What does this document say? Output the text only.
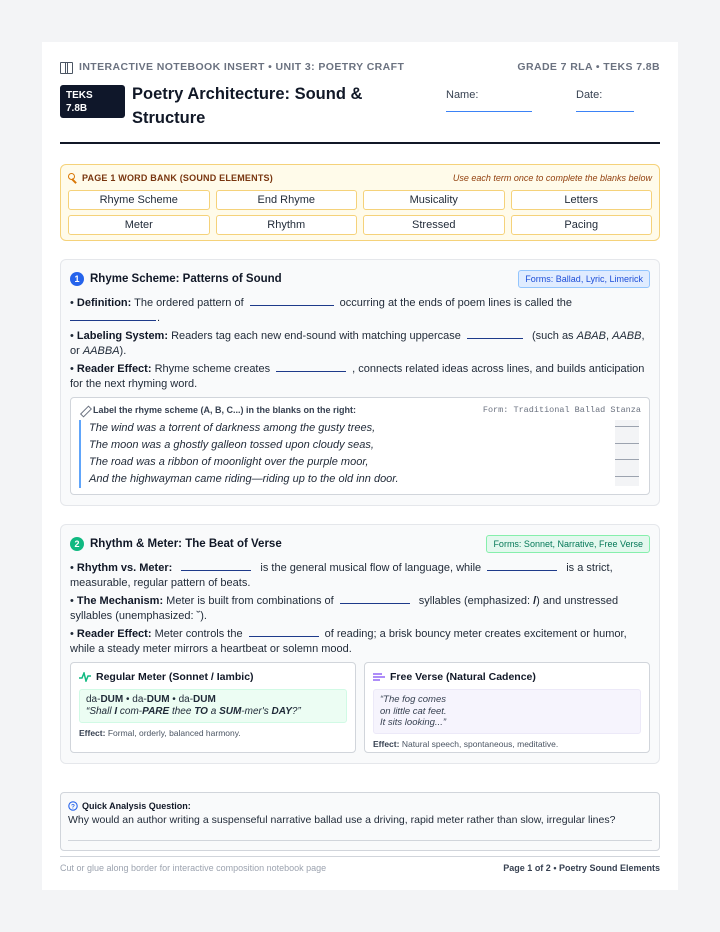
INTERACTIVE NOTEBOOK INSERT • UNIT 3: POETRY CRAFT	GRADE 7 RLA • TEKS 7.8B
TEKS
7.8B
Poetry Architecture: Sound & Structure
Name:	Date:
PAGE 1 WORD BANK (SOUND ELEMENTS)	Use each term once to complete the blanks below
Rhyme Scheme	End Rhyme	Musicality	Letters
Meter	Rhythm	Stressed	Pacing
1 Rhyme Scheme: Patterns of Sound	Forms: Ballad, Lyric, Limerick

• Definition: The ordered pattern of	occurring at the ends of poem lines is called the .

• Labeling System: Readers tag each new end-sound with matching uppercase	(such as ABAB, AABB, or AABBA).

• Reader Effect: Rhyme scheme creates	, connects related ideas across lines, and builds anticipation for the next rhyming word.

Label the rhyme scheme (A, B, C...) in the blanks on the right:	Form: Traditional Ballad Stanza
The wind was a torrent of darkness among the gusty trees,
The moon was a ghostly galleon tossed upon cloudy seas,
The road was a ribbon of moonlight over the purple moor,
And the highwayman came riding—riding up to the old inn door.
2 Rhythm & Meter: The Beat of Verse	Forms: Sonnet, Narrative, Free Verse

• Rhythm vs. Meter:	is the general musical flow of language, while	is a strict, measurable, regular pattern of beats.

• The Mechanism: Meter is built from combinations of	syllables (emphasized: /) and unstressed syllables (unemphasized: ˘).

• Reader Effect: Meter controls the	of reading; a brisk bouncy meter creates excitement or humor, while a steady meter mirrors a heartbeat or solemn mood.

Regular Meter (Sonnet / Iambic)
da-DUM • da-DUM • da-DUM
“Shall I com-PARE thee TO a SUM-mer's DAY?”
Effect: Formal, orderly, balanced harmony.
Free Verse (Natural Cadence)
“The fog comes
on little cat feet.
It sits looking...”
Effect: Natural speech, spontaneous, meditative.
? Quick Analysis Question:
Why would an author writing a suspenseful narrative ballad use a driving, rapid meter rather than slow, irregular lines?
Cut or glue along border for interactive composition notebook page	Page 1 of 2 • Poetry Sound Elements
